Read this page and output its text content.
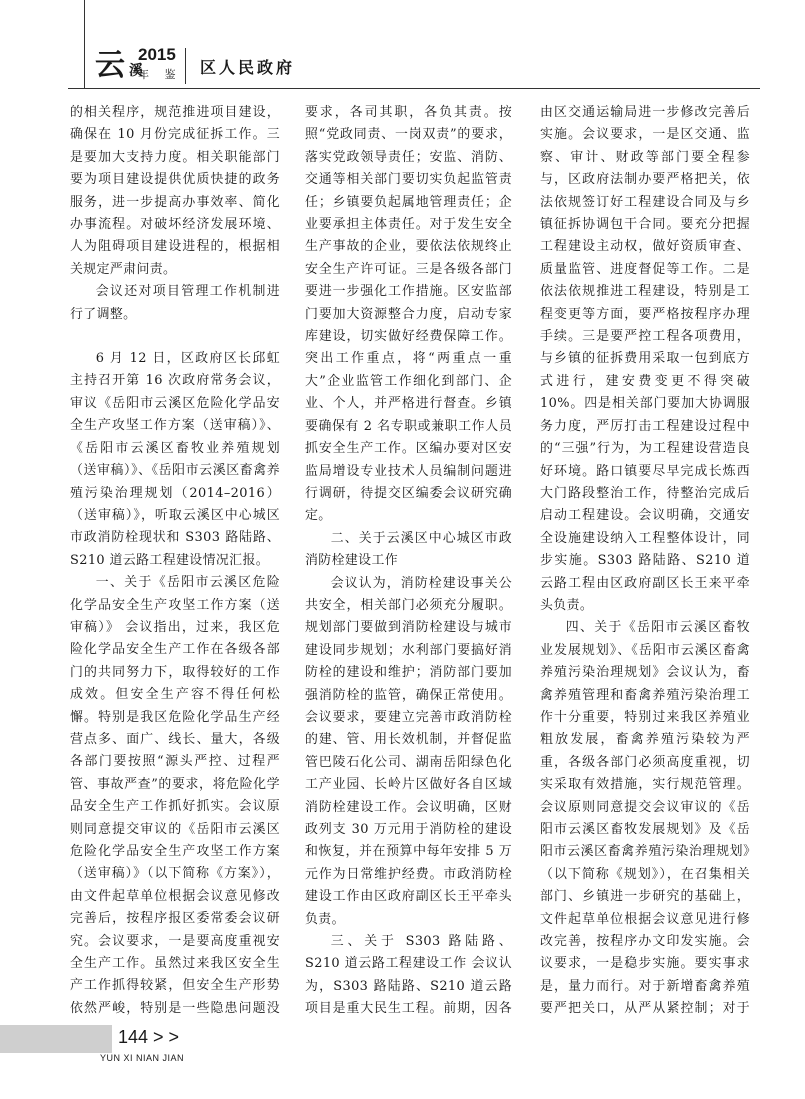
云 溪
2015
年 鉴 区人民政府

的相关程序，规范推进项目建设，确保在 10 月份完成征拆工作。三是要加大支持力度。相关职能部门要为项目建设提供优质快捷的政务服务，进一步提高办事效率、简化办事流程。对破坏经济发展环境、人为阻碍项目建设进程的，根据相关规定严肃问责。

会议还对项目管理工作机制进行了调整。

6 月 12 日，区政府区长邱虹主持召开第 16 次政府常务会议，审议《岳阳市云溪区危险化学品安全生产攻坚工作方案（送审稿）》、《岳阳市云溪区畜牧业养殖规划（送审稿）》、《岳阳市云溪区畜禽养殖污染治理规划（2014–2016）（送审稿）》，听取云溪区中心城区市政消防栓现状和 S303 路陆路、S210 道云路工程建设情况汇报。

一、关于《岳阳市云溪区危险化学品安全生产攻坚工作方案（送审稿）》 会议指出，过来，我区危险化学品安全生产工作在各级各部门的共同努力下，取得较好的工作成效。但安全生产容不得任何松懈。特别是我区危险化学品生产经营点多、面广、线长、量大，各级各部门要按照“源头严控、过程严管、事故严查”的要求，将危险化学品安全生产工作抓好抓实。会议原则同意提交审议的《岳阳市云溪区危险化学品安全生产攻坚工作方案（送审稿）》（以下简称《方案》），由文件起草单位根据会议意见修改完善后，按程序报区委常委会议研究。会议要求，一是要高度重视安全生产工作。虽然过来我区安全生产工作抓得较紧，但安全生产形势依然严峻，特别是一些隐患问题没

要求，各司其职，各负其责。按照“党政同责、一岗双责”的要求，落实党政领导责任；安监、消防、交通等相关部门要切实负起监管责任；乡镇要负起属地管理责任；企业要承担主体责任。对于发生安全生产事故的企业，要依法依规终止安全生产许可证。三是各级各部门要进一步强化工作措施。区安监部门要加大资源整合力度，启动专家库建设，切实做好经费保障工作。突出工作重点，将“两重点一重大”企业监管工作细化到部门、企业、个人，并严格进行督查。乡镇要确保有 2 名专职或兼职工作人员抓安全生产工作。区编办要对区安监局增设专业技术人员编制问题进行调研，待提交区编委会议研究确定。

二、关于云溪区中心城区市政消防栓建设工作

会议认为，消防栓建设事关公共安全，相关部门必须充分履职。规划部门要做到消防栓建设与城市建设同步规划；水利部门要搞好消防栓的建设和维护；消防部门要加强消防栓的监管，确保正常使用。会议要求，要建立完善市政消防栓的建、管、用长效机制，并督促监管巴陵石化公司、湖南岳阳绿色化工产业园、长岭片区做好各自区域消防栓建设工作。会议明确，区财政列支 30 万元用于消防栓的建设和恢复，并在预算中每年安排 5 万元作为日常维护经费。市政消防栓建设工作由区政府副区长王平牵头负责。

三、关于 S303 路陆路、S210 道云路工程建设工作 会议认为，S303 路陆路、S210 道云路项目是重大民生工程。前期，因各

由区交通运输局进一步修改完善后实施。会议要求，一是区交通、监察、审计、财政等部门要全程参与，区政府法制办要严格把关，依法依规签订好工程建设合同及与乡镇征拆协调包干合同。要充分把握工程建设主动权，做好资质审查、质量监管、进度督促等工作。二是依法依规推进工程建设，特别是工程变更等方面，要严格按程序办理手续。三是要严控工程各项费用，与乡镇的征拆费用采取一包到底方式进行，建安费变更不得突破 10%。四是相关部门要加大协调服务力度，严厉打击工程建设过程中的“三强”行为，为工程建设营造良好环境。路口镇要尽早完成长炼西大门路段整治工作，待整治完成后启动工程建设。会议明确，交通安全设施建设纳入工程整体设计，同步实施。S303 路陆路、S210 道云路工程由区政府副区长王来平牵头负责。

四、关于《岳阳市云溪区畜牧业发展规划》、《岳阳市云溪区畜禽养殖污染治理规划》会议认为，畜禽养殖管理和畜禽养殖污染治理工作十分重要，特别过来我区养殖业粗放发展，畜禽养殖污染较为严重，各级各部门必须高度重视，切实采取有效措施，实行规范管理。会议原则同意提交会议审议的《岳阳市云溪区畜牧发展规划》及《岳阳市云溪区畜禽养殖污染治理规划》（以下简称《规划》），在召集相关部门、乡镇进一步研究的基础上，文件起草单位根据会议意见进行修改完善，按程序办文印发实施。会议要求，一是稳步实施。要实事求是，量力而行。对于新增畜禽养殖要严把关口，从严从紧控制；对于

144 > >
YUN XI NIAN JIAN
